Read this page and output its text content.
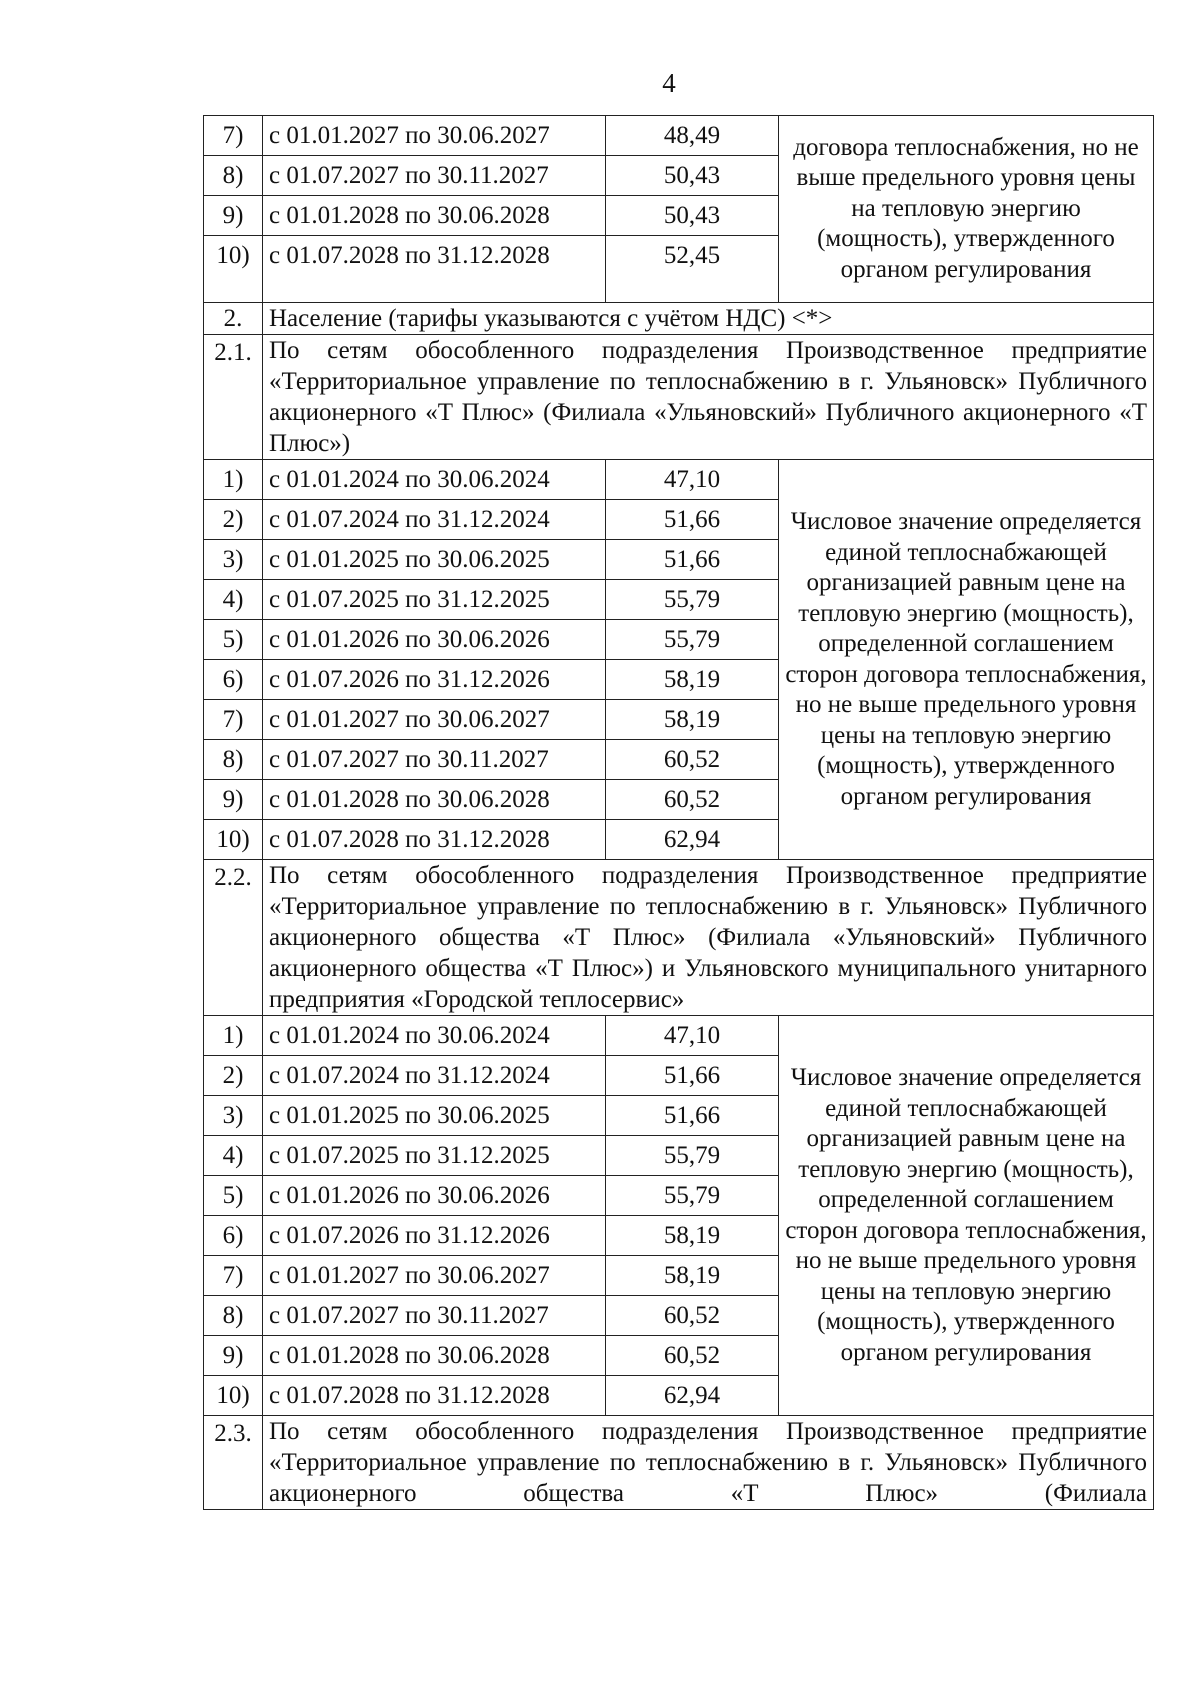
4
7)	с 01.01.2027 по 30.06.2027	48,49	договора теплоснабжения, но не выше предельного уровня цены на тепловую энергию (мощность), утвержденного органом регулирования
8)	с 01.07.2027 по 30.11.2027	50,43	
9)	с 01.01.2028 по 30.06.2028	50,43	
10)	с 01.07.2028 по 31.12.2028	52,45	
2.	Население (тарифы указываются с учётом НДС) <*>		
2.1.	По сетям обособленного подразделения Производственное предприятие «Территориальное управление по теплоснабжению в г. Ульяновск» Публичного акционерного «Т Плюс» (Филиала «Ульяновский» Публичного акционерного «Т Плюс»)		
1)	с 01.01.2024 по 30.06.2024	47,10	Числовое значение определяется единой теплоснабжающей организацией равным цене на тепловую энергию (мощность), определенной соглашением сторон договора теплоснабжения, но не выше предельного уровня цены на тепловую энергию (мощность), утвержденного органом регулирования
2)	с 01.07.2024 по 31.12.2024	51,66	
3)	с 01.01.2025 по 30.06.2025	51,66	
4)	с 01.07.2025 по 31.12.2025	55,79	
5)	с 01.01.2026 по 30.06.2026	55,79	
6)	с 01.07.2026 по 31.12.2026	58,19	
7)	с 01.01.2027 по 30.06.2027	58,19	
8)	с 01.07.2027 по 30.11.2027	60,52	
9)	с 01.01.2028 по 30.06.2028	60,52	
10)	с 01.07.2028 по 31.12.2028	62,94	
2.2.	По сетям обособленного подразделения Производственное предприятие «Территориальное управление по теплоснабжению в г. Ульяновск» Публичного акционерного общества «Т Плюс» (Филиала «Ульяновский» Публичного акционерного общества «Т Плюс») и Ульяновского муниципального унитарного предприятия «Городской теплосервис»		
1)	с 01.01.2024 по 30.06.2024	47,10	Числовое значение определяется единой теплоснабжающей организацией равным цене на тепловую энергию (мощность), определенной соглашением сторон договора теплоснабжения, но не выше предельного уровня цены на тепловую энергию (мощность), утвержденного органом регулирования
2)	с 01.07.2024 по 31.12.2024	51,66	
3)	с 01.01.2025 по 30.06.2025	51,66	
4)	с 01.07.2025 по 31.12.2025	55,79	
5)	с 01.01.2026 по 30.06.2026	55,79	
6)	с 01.07.2026 по 31.12.2026	58,19	
7)	с 01.01.2027 по 30.06.2027	58,19	
8)	с 01.07.2027 по 30.11.2027	60,52	
9)	с 01.01.2028 по 30.06.2028	60,52	
10)	с 01.07.2028 по 31.12.2028	62,94	
2.3.	По сетям обособленного подразделения Производственное предприятие «Территориальное управление по теплоснабжению в г. Ульяновск» Публичного акционерного общества «Т Плюс» (Филиала		
